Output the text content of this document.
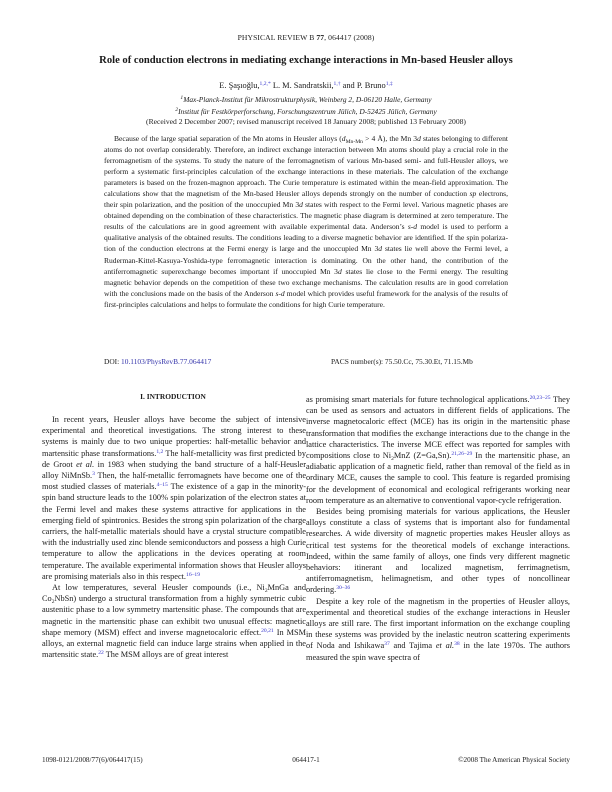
PHYSICAL REVIEW B 77, 064417 (2008)
Role of conduction electrons in mediating exchange interactions in Mn-based Heusler alloys
E. Şaşıoğlu,$^{1,2,*}$ L. M. Sandratskii,$^{1,\dagger}$ and P. Bruno$^{1,\ddagger}$
$^1$Max-Planck-Institut für Mikrostrukturphysik, Weinberg 2, D-06120 Halle, Germany
$^2$Institut für Festkörperforschung, Forschungszentrum Jülich, D-52425 Jülich, Germany
(Received 2 December 2007; revised manuscript received 18 January 2008; published 13 February 2008)
Because of the large spatial separation of the Mn atoms in Heusler alloys ($d_{Mn-Mn} > 4$ Å), the Mn 3d states belonging to different atoms do not overlap considerably. Therefore, an indirect exchange interaction between Mn atoms should play a crucial role in the ferromagnetism of the systems. To study the nature of the ferromagnetism of various Mn-based semi- and full-Heusler alloys, we perform a systematic first-principles calculation of the exchange interactions in these materials. The calculation of the exchange parameters is based on the frozen-magnon approach. The Curie temperature is estimated within the mean-field approximation. The calculations show that the magnetism of the Mn-based Heusler alloys depends strongly on the number of conduction sp electrons, their spin polarization, and the position of the unoccupied Mn 3d states with respect to the Fermi level. Various magnetic phases are obtained depending on the combination of these characteristics. The magnetic phase diagram is determined at zero temperature. The results of the calculations are in good agreement with available experimental data. Anderson’s s-d model is used to perform a qualitative analysis of the obtained results. The conditions leading to a diverse magnetic behavior are identified. If the spin polarization of the conduction electrons at the Fermi energy is large and the unoccupied Mn 3d states lie well above the Fermi level, a Ruderman-Kittel-Kasuya-Yoshida-type ferromagnetic interaction is dominating. On the other hand, the contribution of the antiferromagnetic superexchange becomes important if unoccupied Mn 3d states lie close to the Fermi energy. The resulting magnetic behavior depends on the competition of these two exchange mechanisms. The calculation results are in good correlation with the conclusions made on the basis of the Anderson s-d model which provides useful framework for the analysis of the results of first-principles calculations and helps to formulate the conditions for high Curie temperature.
DOI: 10.1103/PhysRevB.77.064417	PACS number(s): 75.50.Cc, 75.30.Et, 71.15.Mb
I. INTRODUCTION

In recent years, Heusler alloys have become the subject of intensive experimental and theoretical investigations. The strong interest to these systems is mainly due to two unique properties: half-metallic behavior and martensitic phase transformations.$^{1,2}$ The half-metallicity was first predicted by de Groot et al. in 1983 when studying the band structure of a half-Heusler alloy NiMnSb.$^3$ Then, the half-metallic ferromagnets have become one of the most studied classes of materials.$^{4-15}$ The existence of a gap in the minority-spin band structure leads to the 100% spin polarization of the electron states at the Fermi level and makes these systems attractive for applications in the emerging field of spintronics. Besides the strong spin polarization of the charge carriers, the half-metallic materials should have a crystal structure compatible with the industrially used zinc blende semiconductors and possess a high Curie temperature to allow the applications in the devices operating at room temperature. The available experimental information shows that Heusler alloys are promising materials also in this respect.$^{16-19}$

At low temperatures, several Heusler compounds (i.e., $Ni_2MnGa$ and $Co_2NbSn$) undergo a structural transformation from a highly symmetric cubic austenitic phase to a low symmetry martensitic phase. The compounds that are magnetic in the martensitic phase can exhibit two unusual effects: magnetic shape memory (MSM) effect and inverse magnetocaloric effect.$^{20,21}$ In MSM alloys, an external magnetic field can induce large strains when applied in the martensitic state.$^{22}$ The MSM alloys are of great interest

as promising smart materials for future technological applications.$^{20,23-25}$ They can be used as sensors and actuators in different fields of applications. The inverse magnetocaloric effect (MCE) has its origin in the martensitic phase transformation that modifies the exchange interactions due to the change in the lattice characteristics. The inverse MCE effect was reported for samples with compositions close to $Ni_2MnZ$ (Z=Ga,Sn).$^{21,26-29}$ In the martensitic phase, an adiabatic application of a magnetic field, rather than removal of the field as in ordinary MCE, causes the sample to cool. This feature is regarded promising for the development of economical and ecological refrigerants working near room temperature as an alternative to conventional vapor-cycle refrigeration.

Besides being promising materials for various applications, the Heusler alloys constitute a class of systems that is important also for fundamental researches. A wide diversity of magnetic properties makes Heusler alloys as critical test systems for the theoretical models of exchange interactions. Indeed, within the same family of alloys, one finds very different magnetic behaviors: itinerant and localized magnetism, ferrimagnetism, antiferromagnetism, helimagnetism, and other types of noncollinear ordering.$^{30-36}$

Despite a key role of the magnetism in the properties of Heusler alloys, experimental and theoretical studies of the exchange interactions in Heusler alloys are still rare. The first important information on the exchange coupling in these systems was provided by the inelastic neutron scattering experiments of Noda and Ishikawa$^{37}$ and Tajima et al.$^{38}$ in the late 1970s. The authors measured the spin wave spectra of

1098-0121/2008/77(6)/064417(15)	064417-1	©2008 The American Physical Society
